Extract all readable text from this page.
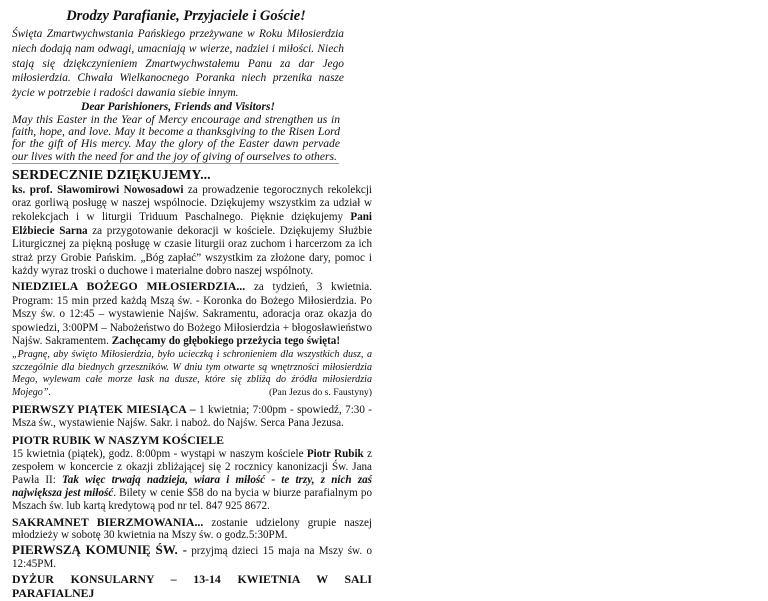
Drodzy Parafianie, Przyjaciele i Goście!

Święta Zmartwychwstania Pańskiego przeżywane w Roku Miłosierdzia niech dodają nam odwagi, umacniają w wierze, nadziei i miłości. Niech stają się dziękczynieniem Zmartwychwstałemu Panu za dar Jego miłosierdzia. Chwała Wielkanocnego Poranka niech przenika nasze życie w potrzebie i radości dawania siebie innym.

Dear Parishioners, Friends and Visitors!

May this Easter in the Year of Mercy encourage and strengthen us in faith, hope, and love. May it become a thanksgiving to the Risen Lord for the gift of His mercy. May the glory of the Easter dawn pervade our lives with the need for and the joy of giving of ourselves to others.

SERDECZNIE DZIĘKUJEMY...

ks. prof. Sławomirowi Nowosadowi za prowadzenie tegorocznych rekolekcji oraz gorliwą posługę w naszej wspólnocie. Dziękujemy wszystkim za udział w rekolekcjach i w liturgii Triduum Paschalnego. Pięknie dziękujemy Pani Elżbiecie Sarna za przygotowanie dekoracji w kościele. Dziękujemy Służbie Liturgicznej za piękną posługę w czasie liturgii oraz zuchom i harcerzom za ich straż przy Grobie Pańskim. „Bóg zapłać” wszystkim za złożone dary, pomoc i każdy wyraz troski o duchowe i materialne dobro naszej wspólnoty.

NIEDZIELA BOŻEGO MIŁOSIERDZIA... za tydzień, 3 kwietnia. Program: 15 min przed każdą Mszą św. - Koronka do Bożego Miłosierdzia. Po Mszy św. o 12:45 – wystawienie Najśw. Sakramentu, adoracja oraz okazja do spowiedzi, 3:00PM – Nabożeństwo do Bożego Miłosierdzia + błogosławieństwo Najśw. Sakramentem. Zachęcamy do głębokiego przeżycia tego święta!

„Pragnę, aby święto Miłosierdzia, było ucieczką i schronieniem dla wszystkich dusz, a szczególnie dla biednych grzeszników. W dniu tym otwarte są wnętrzności miłosierdzia Mego, wylewam całe morze łask na dusze, które się zbliżą do źródła miłosierdzia Mojego”.	(Pan Jezus do s. Faustyny)

PIERWSZY PIĄTEK MIESIĄCA – 1 kwietnia; 7:00pm - spowiedź, 7:30 - Msza św., wystawienie Najśw. Sakr. i naboż. do Najśw. Serca Pana Jezusa.

PIOTR RUBIK W NASZYM KOŚCIELE

15 kwietnia (piątek), godz. 8:00pm - wystąpi w naszym kościele Piotr Rubik z zespołem w koncercie z okazji zbliżającej się 2 rocznicy kanonizacji Św. Jana Pawła II: Tak więc trwają nadzieja, wiara i miłość - te trzy, z nich zaś największa jest miłość. Bilety w cenie $58 do na bycia w biurze parafialnym po Mszach św. lub kartą kredytową pod nr tel. 847 925 8672.

SAKRAMNET BIERZMOWANIA... zostanie udzielony grupie naszej młodzieży w sobotę 30 kwietnia na Mszy św. o godz.5:30PM.

PIERWSZĄ KOMUNIĘ ŚW. - przyjmą dzieci 15 maja na Mszy św. o 12:45PM.

DYŻUR KONSULARNY – 13-14 KWIETNIA W SALI PARAFIALNEJ
